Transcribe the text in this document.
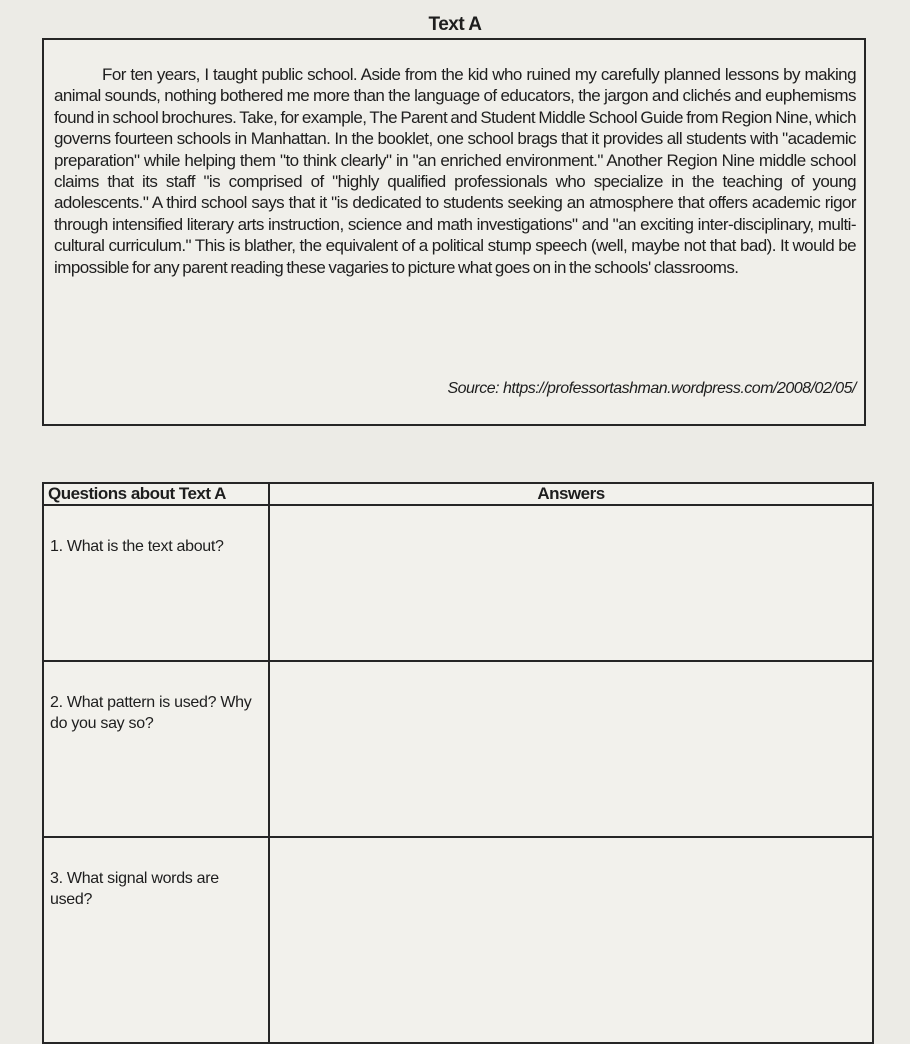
Text A

For ten years, I taught public school. Aside from the kid who ruined my carefully planned lessons by making animal sounds, nothing bothered me more than the language of educators, the jargon and clichés and euphemisms found in school brochures. Take, for example, The Parent and Student Middle School Guide from Region Nine, which governs fourteen schools in Manhattan. In the booklet, one school brags that it provides all students with "academic preparation" while helping them "to think clearly" in "an enriched environment." Another Region Nine middle school claims that its staff "is comprised of "highly qualified professionals who specialize in the teaching of young adolescents." A third school says that it "is dedicated to students seeking an atmosphere that offers academic rigor through intensified literary arts instruction, science and math investigations" and "an exciting inter-disciplinary, multi-cultural curriculum." This is blather, the equivalent of a political stump speech (well, maybe not that bad). It would be impossible for any parent reading these vagaries to picture what goes on in the schools' classrooms.

Source: https://professortashman.wordpress.com/2008/02/05/
Questions about Text A	Answers
1. What is the text about?	
2. What pattern is used? Why do you say so?	
3. What signal words are used?	
